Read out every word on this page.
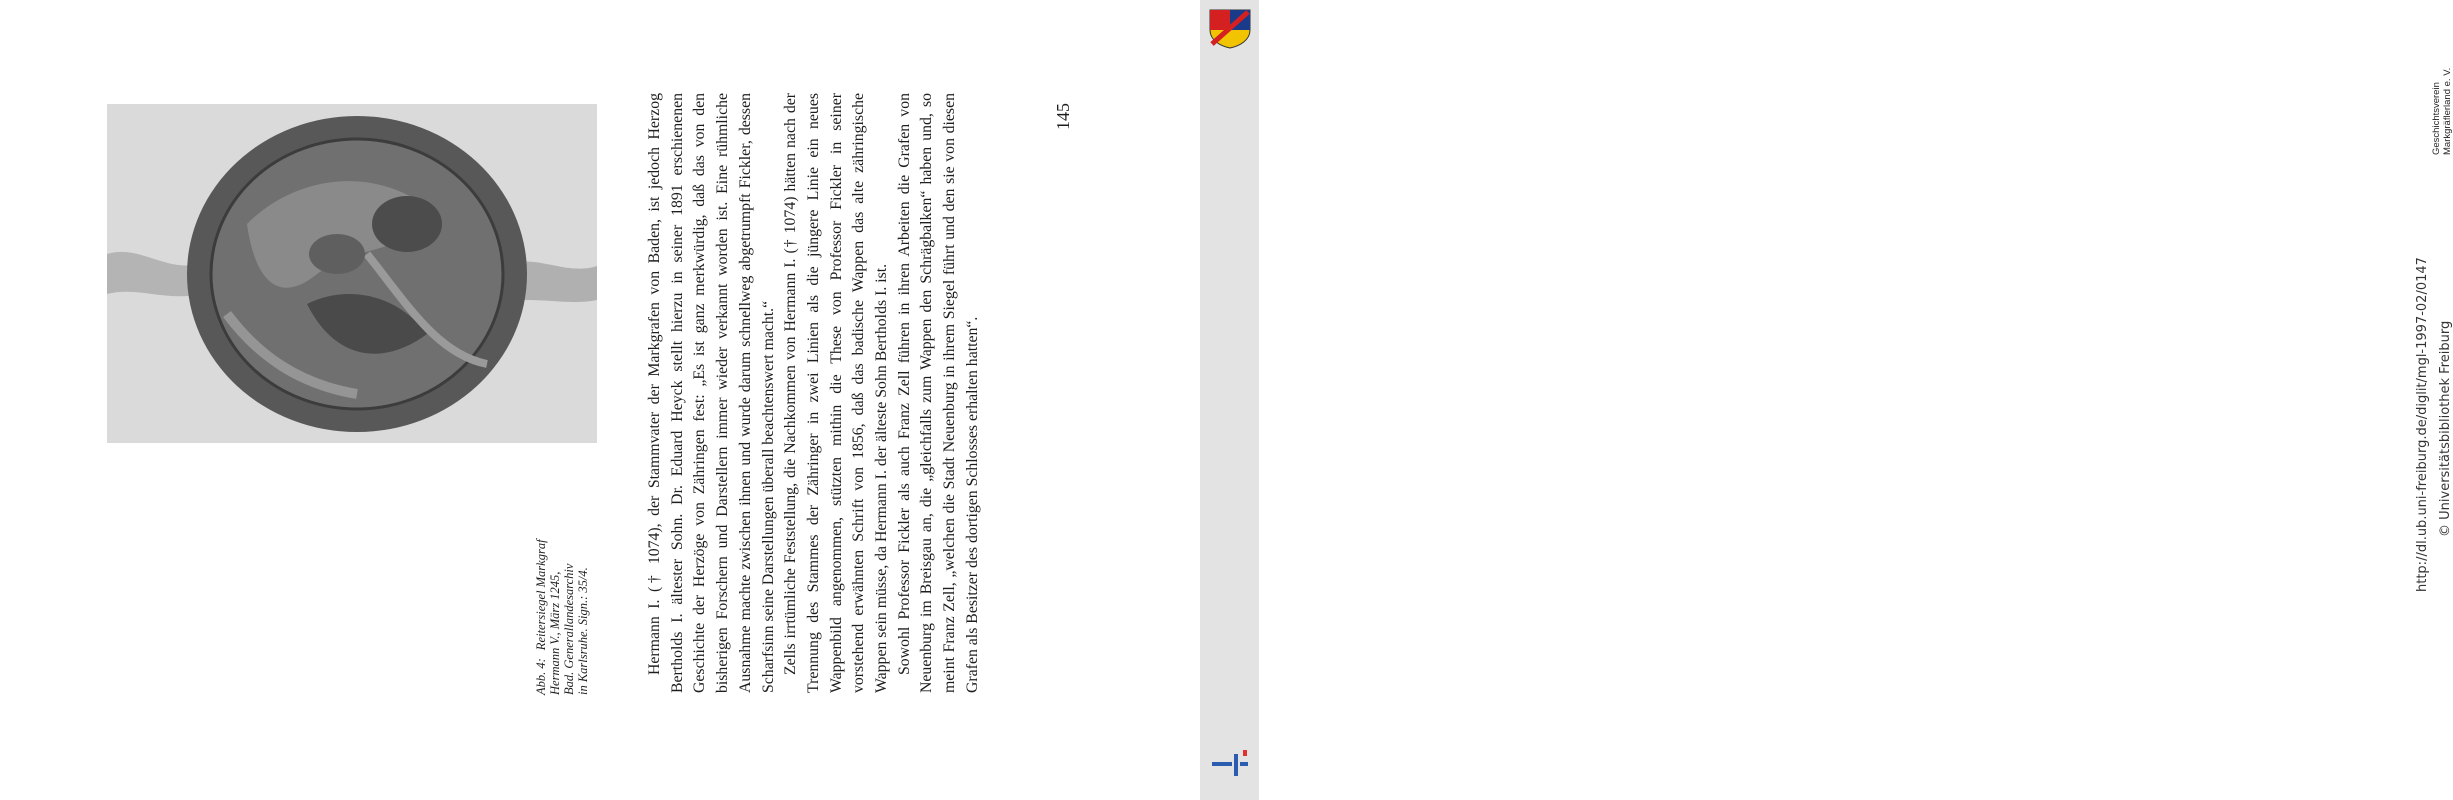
Abb. 4:Reitersiegel Markgraf Hermann V., März 1245, Bad. Generallandesarchiv in Karlsruhe. Sign.: 35/4.	Hermann I. († 1074), der Stammvater der Markgrafen von Baden, ist jedoch Herzog Bertholds I. ältester Sohn. Dr. Eduard Heyck stellt hierzu in seiner 1891 erschienenen Geschichte der Herzöge von Zähringen fest: „Es ist ganz merkwürdig, daß das von den bisherigen Forschern und Darstellern immer wieder verkannt worden ist. Eine rühmliche Ausnahme machte zwischen ihnen und wurde darum schnellweg abgetrumpft Fickler, dessen Scharfsinn seine Darstellungen überall beachtenswert macht.“ Zells irrtümliche Feststellung, die Nachkommen von Hermann I. († 1074) hätten nach der Trennung des Stammes der Zähringer in zwei Linien als die jüngere Linie ein neues Wappenbild angenommen, stützten mithin die These von Professor Fickler in seiner vorstehend erwähnten Schrift von 1856, daß das badische Wappen das alte zähringische Wappen sein müsse, da Hermann I. der älteste Sohn Bertholds I. ist. Sowohl Professor Fickler als auch Franz Zell führen in ihren Arbeiten die Grafen von Neuenburg im Breisgau an, die „gleichfalls zum Wappen den Schrägbalken“ haben und, so meint Franz Zell, „welchen die Stadt Neuenburg in ihrem Siegel führt und den sie von diesen Grafen als Besitzer des dortigen Schlosses erhalten hatten“.

145	Geschichtsverein Markgräflerland e. V.
http://dl.ub.uni-freiburg.de/diglit/mgl-1997-02/0147 © Universitätsbibliothek Freiburg
